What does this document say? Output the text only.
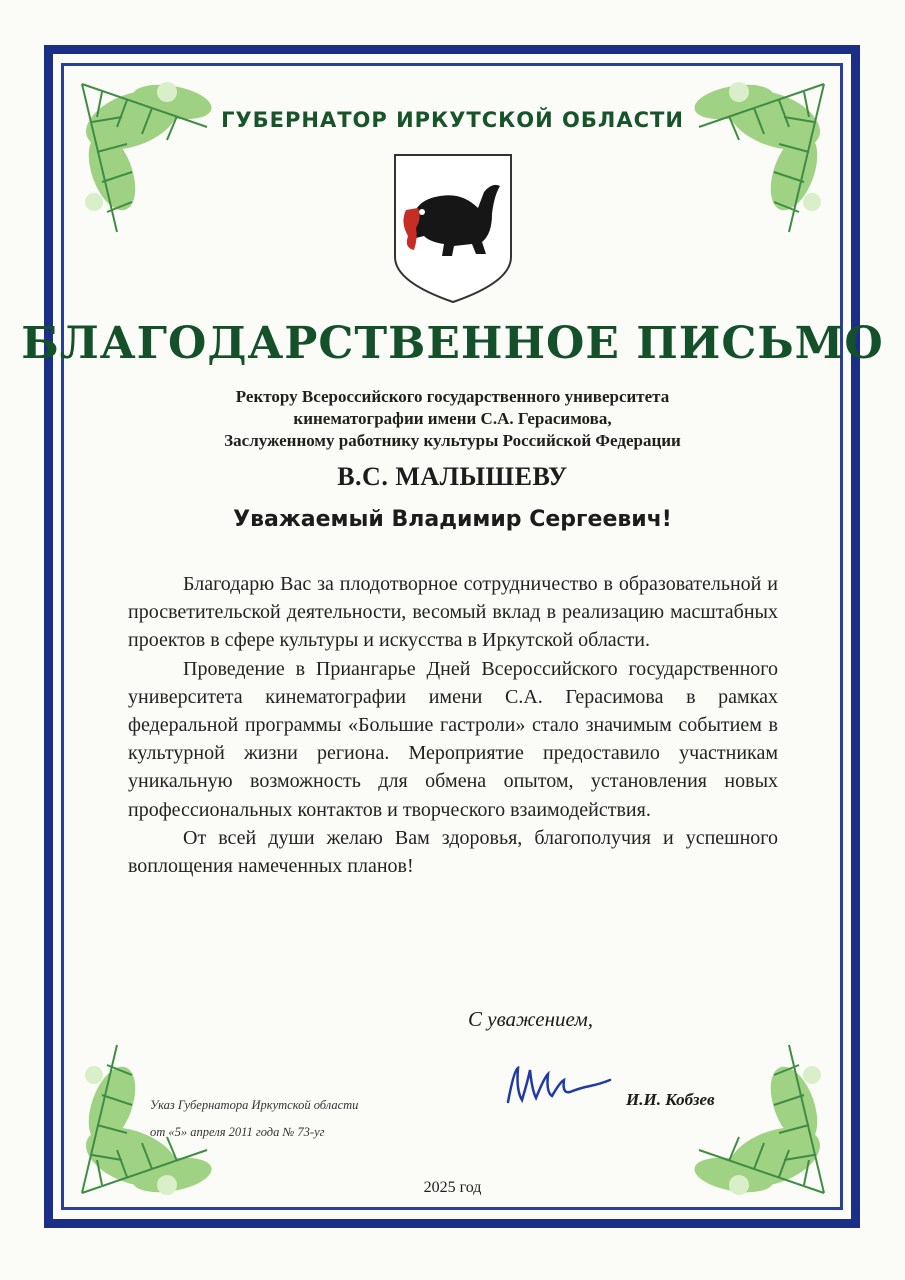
ГУБЕРНАТОР ИРКУТСКОЙ ОБЛАСТИ
БЛАГОДАРСТВЕННОЕ ПИСЬМО
Ректору Всероссийского государственного университета
кинематографии имени С.А. Герасимова,
Заслуженному работнику культуры Российской Федерации
В.С. МАЛЫШЕВУ
Уважаемый Владимир Сергеевич!

Благодарю Вас за плодотворное сотрудничество в образовательной и просветительской деятельности, весомый вклад в реализацию масштабных проектов в сфере культуры и искусства в Иркутской области.

Проведение в Приангарье Дней Всероссийского государственного университета кинематографии имени С.А. Герасимова в рамках федеральной программы «Большие гастроли» стало значимым событием в культурной жизни региона. Мероприятие предоставило участникам уникальную возможность для обмена опытом, установления новых профессиональных контактов и творческого взаимодействия.

От всей души желаю Вам здоровья, благополучия и успешного воплощения намеченных планов!

С уважением,
И.И. Кобзев
Указ Губернатора Иркутской области
от «5» апреля 2011 года № 73-уг
2025 год
